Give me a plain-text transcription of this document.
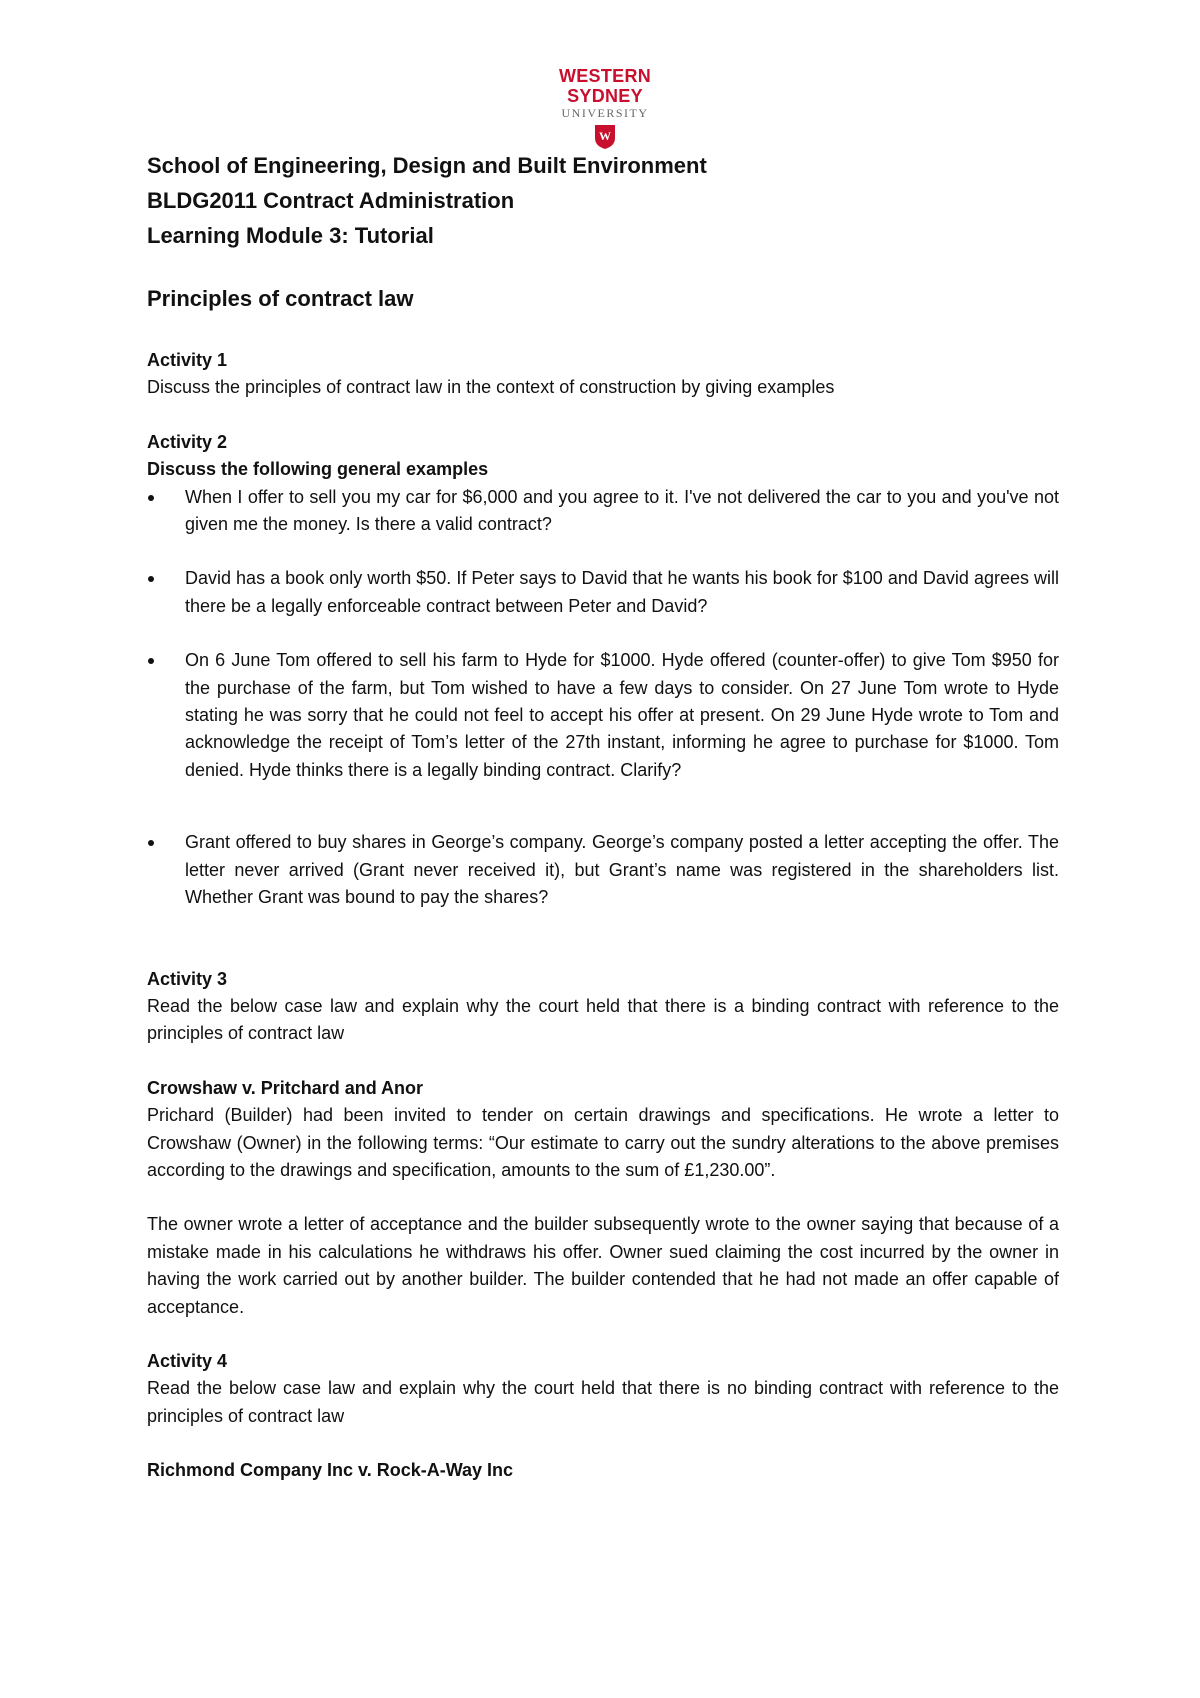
WESTERN SYDNEY
UNIVERSITY
W
School of Engineering, Design and Built Environment
BLDG2011 Contract Administration
Learning Module 3: Tutorial
Principles of contract law

Activity 1

Discuss the principles of contract law in the context of construction by giving examples

Activity 2

Discuss the following general examples

When I offer to sell you my car for $6,000 and you agree to it. I've not delivered the car to you and you've not given me the money. Is there a valid contract?
David has a book only worth $50. If Peter says to David that he wants his book for $100 and David agrees will there be a legally enforceable contract between Peter and David?
On 6 June Tom offered to sell his farm to Hyde for $1000. Hyde offered (counter-offer) to give Tom $950 for the purchase of the farm, but Tom wished to have a few days to consider. On 27 June Tom wrote to Hyde stating he was sorry that he could not feel to accept his offer at present. On 29 June Hyde wrote to Tom and acknowledge the receipt of Tom’s letter of the 27th instant, informing he agree to purchase for $1000. Tom denied. Hyde thinks there is a legally binding contract. Clarify?
Grant offered to buy shares in George’s company. George’s company posted a letter accepting the offer. The letter never arrived (Grant never received it), but Grant’s name was registered in the shareholders list. Whether Grant was bound to pay the shares?

Activity 3

Read the below case law and explain why the court held that there is a binding contract with reference to the principles of contract law

Crowshaw v. Pritchard and Anor

Prichard (Builder) had been invited to tender on certain drawings and specifications. He wrote a letter to Crowshaw (Owner) in the following terms: “Our estimate to carry out the sundry alterations to the above premises according to the drawings and specification, amounts to the sum of £1,230.00”.

The owner wrote a letter of acceptance and the builder subsequently wrote to the owner saying that because of a mistake made in his calculations he withdraws his offer. Owner sued claiming the cost incurred by the owner in having the work carried out by another builder. The builder contended that he had not made an offer capable of acceptance.

Activity 4

Read the below case law and explain why the court held that there is no binding contract with reference to the principles of contract law

Richmond Company Inc v. Rock-A-Way Inc
